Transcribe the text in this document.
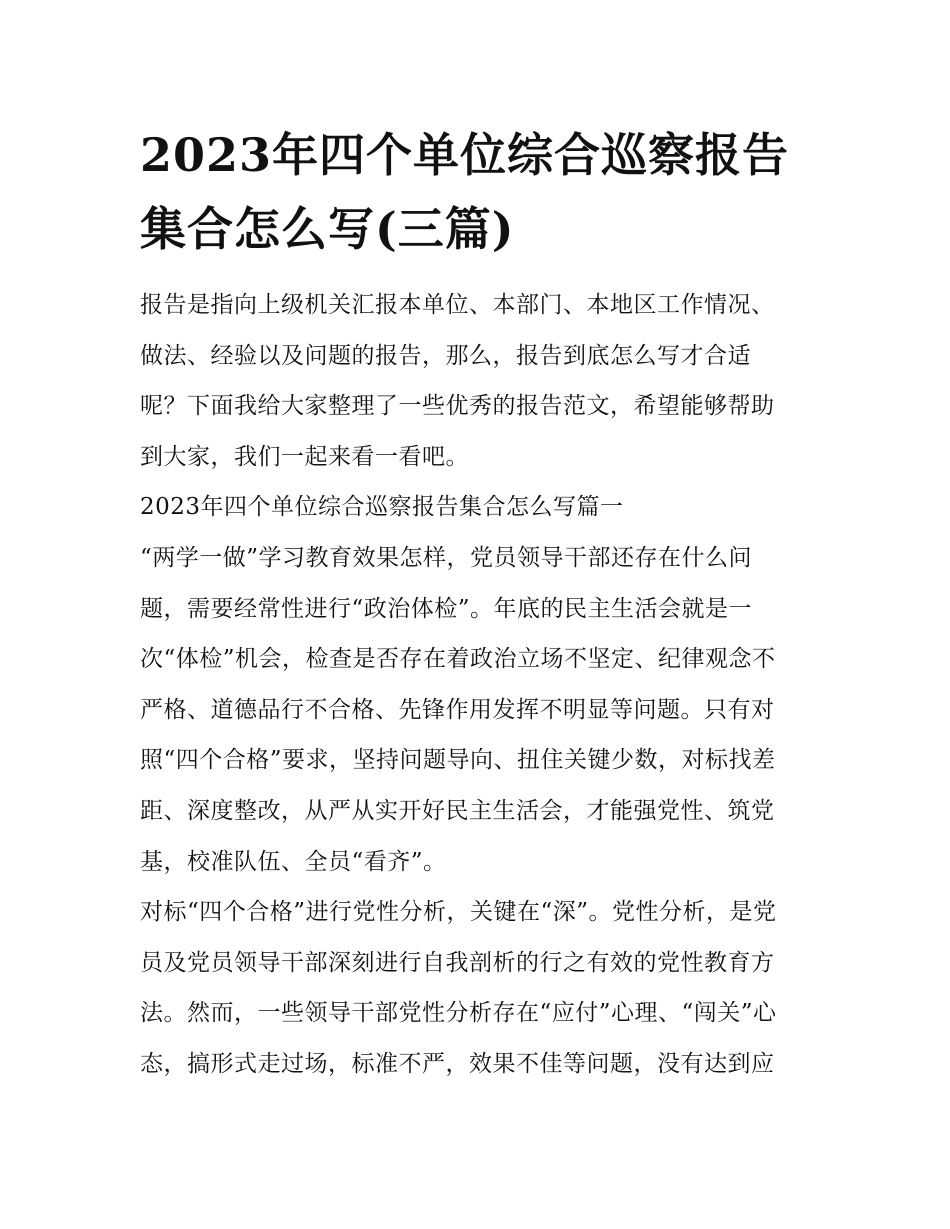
2023年四个单位综合巡察报告
集合怎么写(三篇)
报告是指向上级机关汇报本单位、本部门、本地区工作情况、
做法、经验以及问题的报告，那么，报告到底怎么写才合适
呢？下面我给大家整理了一些优秀的报告范文，希望能够帮助
到大家，我们一起来看一看吧。
2023年四个单位综合巡察报告集合怎么写篇一
“两学一做”学习教育效果怎样，党员领导干部还存在什么问
题，需要经常性进行“政治体检”。年底的民主生活会就是一
次“体检”机会，检查是否存在着政治立场不坚定、纪律观念不
严格、道德品行不合格、先锋作用发挥不明显等问题。只有对
照“四个合格”要求，坚持问题导向、扭住关键少数，对标找差
距、深度整改，从严从实开好民主生活会，才能强党性、筑党
基，校准队伍、全员“看齐”。
对标“四个合格”进行党性分析，关键在“深”。党性分析，是党
员及党员领导干部深刻进行自我剖析的行之有效的党性教育方
法。然而，一些领导干部党性分析存在“应付”心理、“闯关”心
态，搞形式走过场，标准不严，效果不佳等问题，没有达到应
